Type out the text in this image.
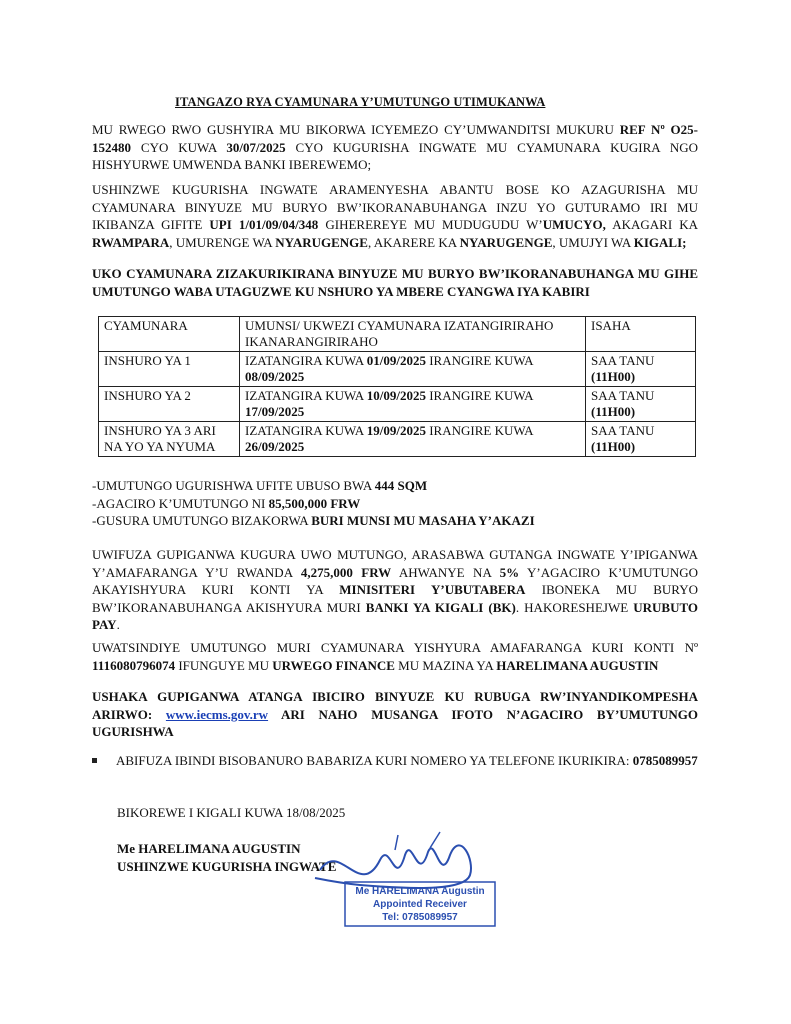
ITANGAZO RYA CYAMUNARA Y’UMUTUNGO UTIMUKANWA
MU RWEGO RWO GUSHYIRA MU BIKORWA ICYEMEZO CY’UMWANDITSI MUKURU REF Nº O25-152480 CYO KUWA 30/07/2025 CYO KUGURISHA INGWATE MU CYAMUNARA KUGIRA NGO HISHYURWE UMWENDA BANKI IBEREWEMO;
USHINZWE KUGURISHA INGWATE ARAMENYESHA ABANTU BOSE KO AZAGURISHA MU CYAMUNARA BINYUZE MU BURYO BW’IKORANABUHANGA INZU YO GUTURAMO IRI MU IKIBANZA GIFITE UPI 1/01/09/04/348 GIHEREREYE MU MUDUGUDU W’UMUCYO, AKAGARI KA RWAMPARA, UMURENGE WA NYARUGENGE, AKARERE KA NYARUGENGE, UMUJYI WA KIGALI;
UKO CYAMUNARA ZIZAKURIKIRANA BINYUZE MU BURYO BW’IKORANABUHANGA MU GIHE UMUTUNGO WABA UTAGUZWE KU NSHURO YA MBERE CYANGWA IYA KABIRI
CYAMUNARA	UMUNSI/ UKWEZI CYAMUNARA IZATANGIRIRAHO IKANARANGIRIRAHO	ISAHA
INSHURO YA 1	IZATANGIRA KUWA 01/09/2025 IRANGIRE KUWA
08/09/2025	SAA TANU
(11H00)
INSHURO YA 2	IZATANGIRA KUWA 10/09/2025 IRANGIRE KUWA
17/09/2025	SAA TANU
(11H00)
INSHURO YA 3 ARI NA YO YA NYUMA	IZATANGIRA KUWA 19/09/2025 IRANGIRE KUWA
26/09/2025	SAA TANU
(11H00)
-UMUTUNGO UGURISHWA UFITE UBUSO BWA 444 SQM
-AGACIRO K’UMUTUNGO NI 85,500,000 FRW
-GUSURA UMUTUNGO BIZAKORWA BURI MUNSI MU MASAHA Y’AKAZI
UWIFUZA GUPIGANWA KUGURA UWO MUTUNGO, ARASABWA GUTANGA INGWATE Y’IPIGANWA Y’AMAFARANGA Y’U RWANDA 4,275,000 FRW AHWANYE NA 5% Y’AGACIRO K’UMUTUNGO AKAYISHYURA KURI KONTI YA MINISITERI Y’UBUTABERA IBONEKA MU BURYO BW’IKORANABUHANGA AKISHYURA MURI BANKI YA KIGALI (BK). HAKORESHEJWE URUBUTO PAY.
UWATSINDIYE UMUTUNGO MURI CYAMUNARA YISHYURA AMAFARANGA KURI KONTI Nº 1116080796074 IFUNGUYE MU URWEGO FINANCE MU MAZINA YA HARELIMANA AUGUSTIN
USHAKA GUPIGANWA ATANGA IBICIRO BINYUZE KU RUBUGA RW’INYANDIKOMPESHA ARIRWO: www.iecms.gov.rw ARI NAHO MUSANGA IFOTO N’AGACIRO BY’UMUTUNGO UGURISHWA
ABIFUZA IBINDI BISOBANURO BABARIZA KURI NOMERO YA TELEFONE IKURIKIRA: 0785089957
BIKOREWE I KIGALI KUWA 18/08/2025
Me HARELIMANA AUGUSTIN
USHINZWE KUGURISHA INGWATE
Me HARELIMANA Augustin
Appointed Receiver
Tel: 0785089957
